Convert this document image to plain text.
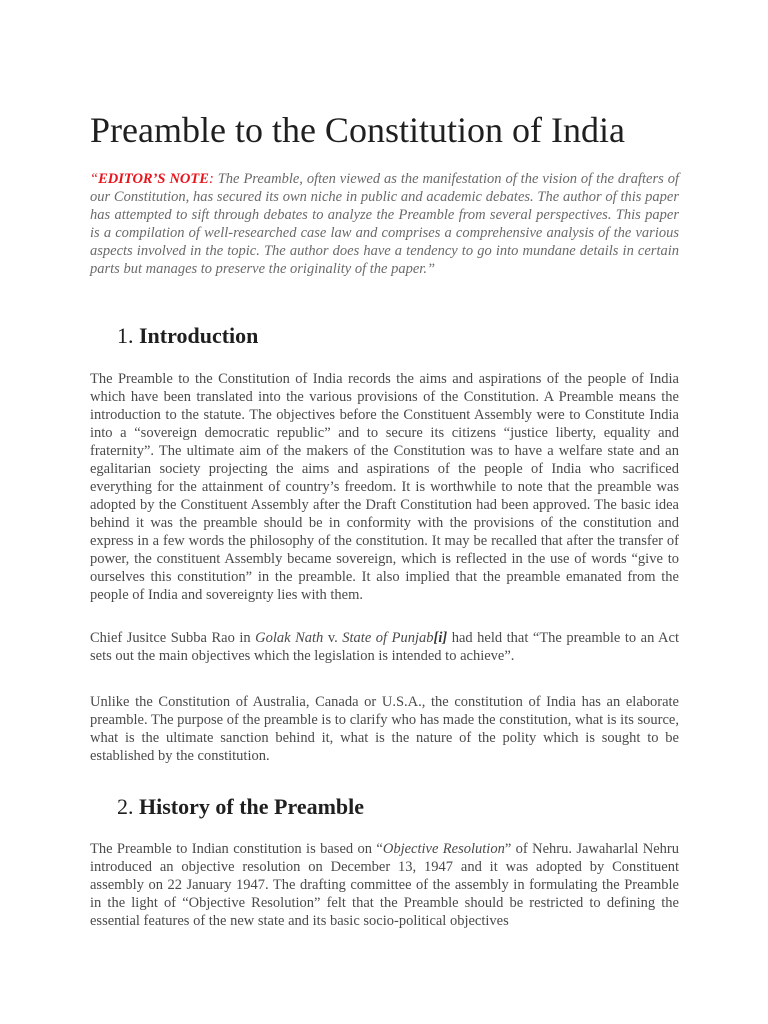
Preamble to the Constitution of India

“EDITOR’S NOTE: The Preamble, often viewed as the manifestation of the vision of the drafters of our Constitution, has secured its own niche in public and academic debates. The author of this paper has attempted to sift through debates to analyze the Preamble from several perspectives. This paper is a compilation of well-researched case law and comprises a comprehensive analysis of the various aspects involved in the topic. The author does have a tendency to go into mundane details in certain parts but manages to preserve the originality of the paper.”

1. Introduction

The Preamble to the Constitution of India records the aims and aspirations of the people of India which have been translated into the various provisions of the Constitution. A Preamble means the introduction to the statute. The objectives before the Constituent Assembly were to Constitute India into a “sovereign democratic republic” and to secure its citizens “justice liberty, equality and fraternity”. The ultimate aim of the makers of the Constitution was to have a welfare state and an egalitarian society projecting the aims and aspirations of the people of India who sacrificed everything for the attainment of country’s freedom. It is worthwhile to note that the preamble was adopted by the Constituent Assembly after the Draft Constitution had been approved. The basic idea behind it was the preamble should be in conformity with the provisions of the constitution and express in a few words the philosophy of the constitution. It may be recalled that after the transfer of power, the constituent Assembly became sovereign, which is reflected in the use of words “give to ourselves this constitution” in the preamble. It also implied that the preamble emanated from the people of India and sovereignty lies with them.

Chief Jusitce Subba Rao in Golak Nath v. State of Punjab[i] had held that “The preamble to an Act sets out the main objectives which the legislation is intended to achieve”.

Unlike the Constitution of Australia, Canada or U.S.A., the constitution of India has an elaborate preamble. The purpose of the preamble is to clarify who has made the constitution, what is its source, what is the ultimate sanction behind it, what is the nature of the polity which is sought to be established by the constitution.

2. History of the Preamble

The Preamble to Indian constitution is based on “Objective Resolution” of Nehru. Jawaharlal Nehru introduced an objective resolution on December 13, 1947 and it was adopted by Constituent assembly on 22 January 1947. The drafting committee of the assembly in formulating the Preamble in the light of “Objective Resolution” felt that the Preamble should be restricted to defining the essential features of the new state and its basic socio-political objectives
